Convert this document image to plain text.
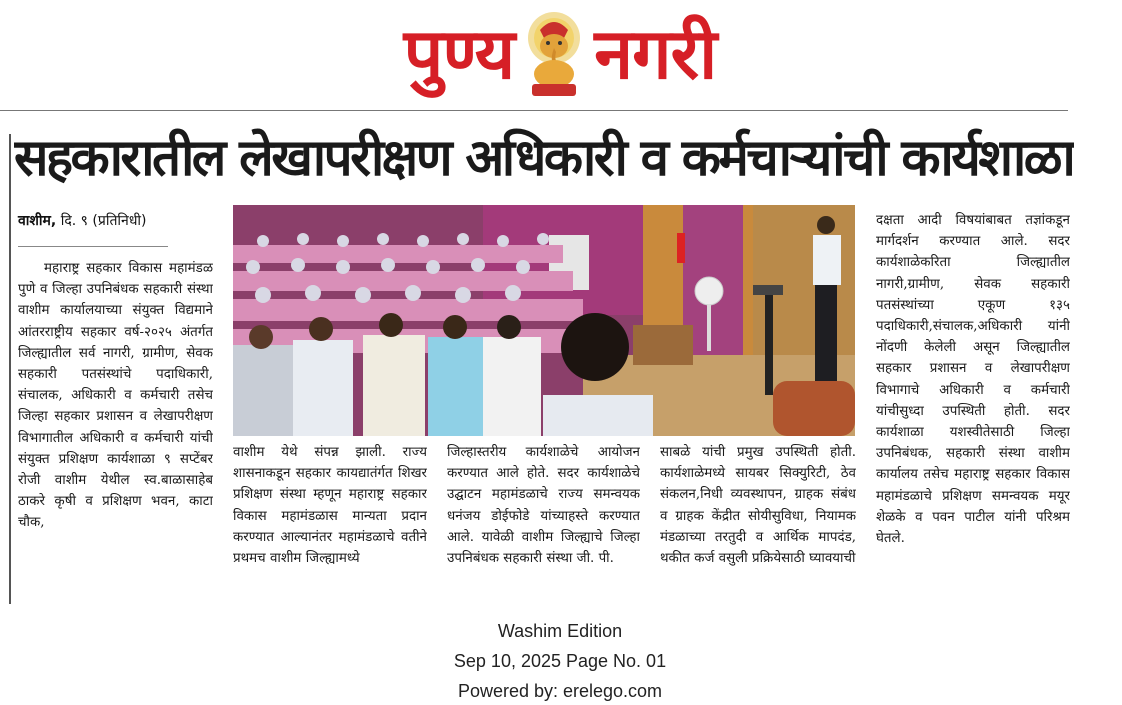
पुण्य नगरी
सहकारातील लेखापरीक्षण अधिकारी व कर्मचाऱ्यांची कार्यशाळा
वाशीम, दि. ९ (प्रतिनिधी)
महाराष्ट्र सहकार विकास महामंडळ पुणे व जिल्हा उपनिबंधक सहकारी संस्था वाशीम कार्यालयाच्या संयुक्त विद्यमाने आंतरराष्ट्रीय सहकार वर्ष-२०२५ अंतर्गत जिल्ह्यातील सर्व नागरी, ग्रामीण, सेवक सहकारी पतसंस्थांचे पदाधिकारी, संचालक, अधिकारी व कर्मचारी तसेच जिल्हा सहकार प्रशासन व लेखापरीक्षण विभागातील अधिकारी व कर्मचारी यांची संयुक्त प्रशिक्षण कार्यशाळा ९ सप्टेंबर रोजी वाशीम येथील स्व.बाळासाहेब ठाकरे कृषी व प्रशिक्षण भवन, काटा चौक,
वाशीम येथे संपन्न झाली. राज्य शासनाकडून सहकार कायद्यातंर्गत शिखर प्रशिक्षण संस्था म्हणून महाराष्ट्र सहकार विकास महामंडळास मान्यता प्रदान करण्यात आल्यानंतर महामंडळाचे वतीने प्रथमच वाशीम जिल्ह्यामध्ये
जिल्हास्तरीय कार्यशाळेचे आयोजन करण्यात आले होते. सदर कार्यशाळेचे उद्घाटन महामंडळाचे राज्य समन्वयक धनंजय डोईफोडे यांच्याहस्ते करण्यात आले. यावेळी वाशीम जिल्ह्याचे जिल्हा उपनिबंधक सहकारी संस्था जी. पी.
साबळे यांची प्रमुख उपस्थिती होती. कार्यशाळेमध्ये सायबर सिक्युरिटी, ठेव संकलन,निधी व्यवस्थापन, ग्राहक संबंध व ग्राहक केंद्रीत सोयीसुविधा, नियामक मंडळाच्या तरतुदी व आर्थिक मापदंड, थकीत कर्ज वसुली प्रक्रियेसाठी घ्यावयाची
दक्षता आदी विषयांबाबत तज्ञांकडून मार्गदर्शन करण्यात आले. सदर कार्यशाळेकरिता जिल्ह्यातील नागरी,ग्रामीण, सेवक सहकारी पतसंस्थांच्या एकूण १३५ पदाधिकारी,संचालक,अधिकारी यांनी नोंदणी केलेली असून जिल्ह्यातील सहकार प्रशासन व लेखापरीक्षण विभागाचे अधिकारी व कर्मचारी यांचीसुध्दा उपस्थिती होती. सदर कार्यशाळा यशस्वीतेसाठी जिल्हा उपनिबंधक, सहकारी संस्था वाशीम कार्यालय तसेच महाराष्ट्र सहकार विकास महामंडळाचे प्रशिक्षण समन्वयक मयूर शेळके व पवन पाटील यांनी परिश्रम घेतले.
Washim Edition
Sep 10, 2025 Page No. 01
Powered by: erelego.com
